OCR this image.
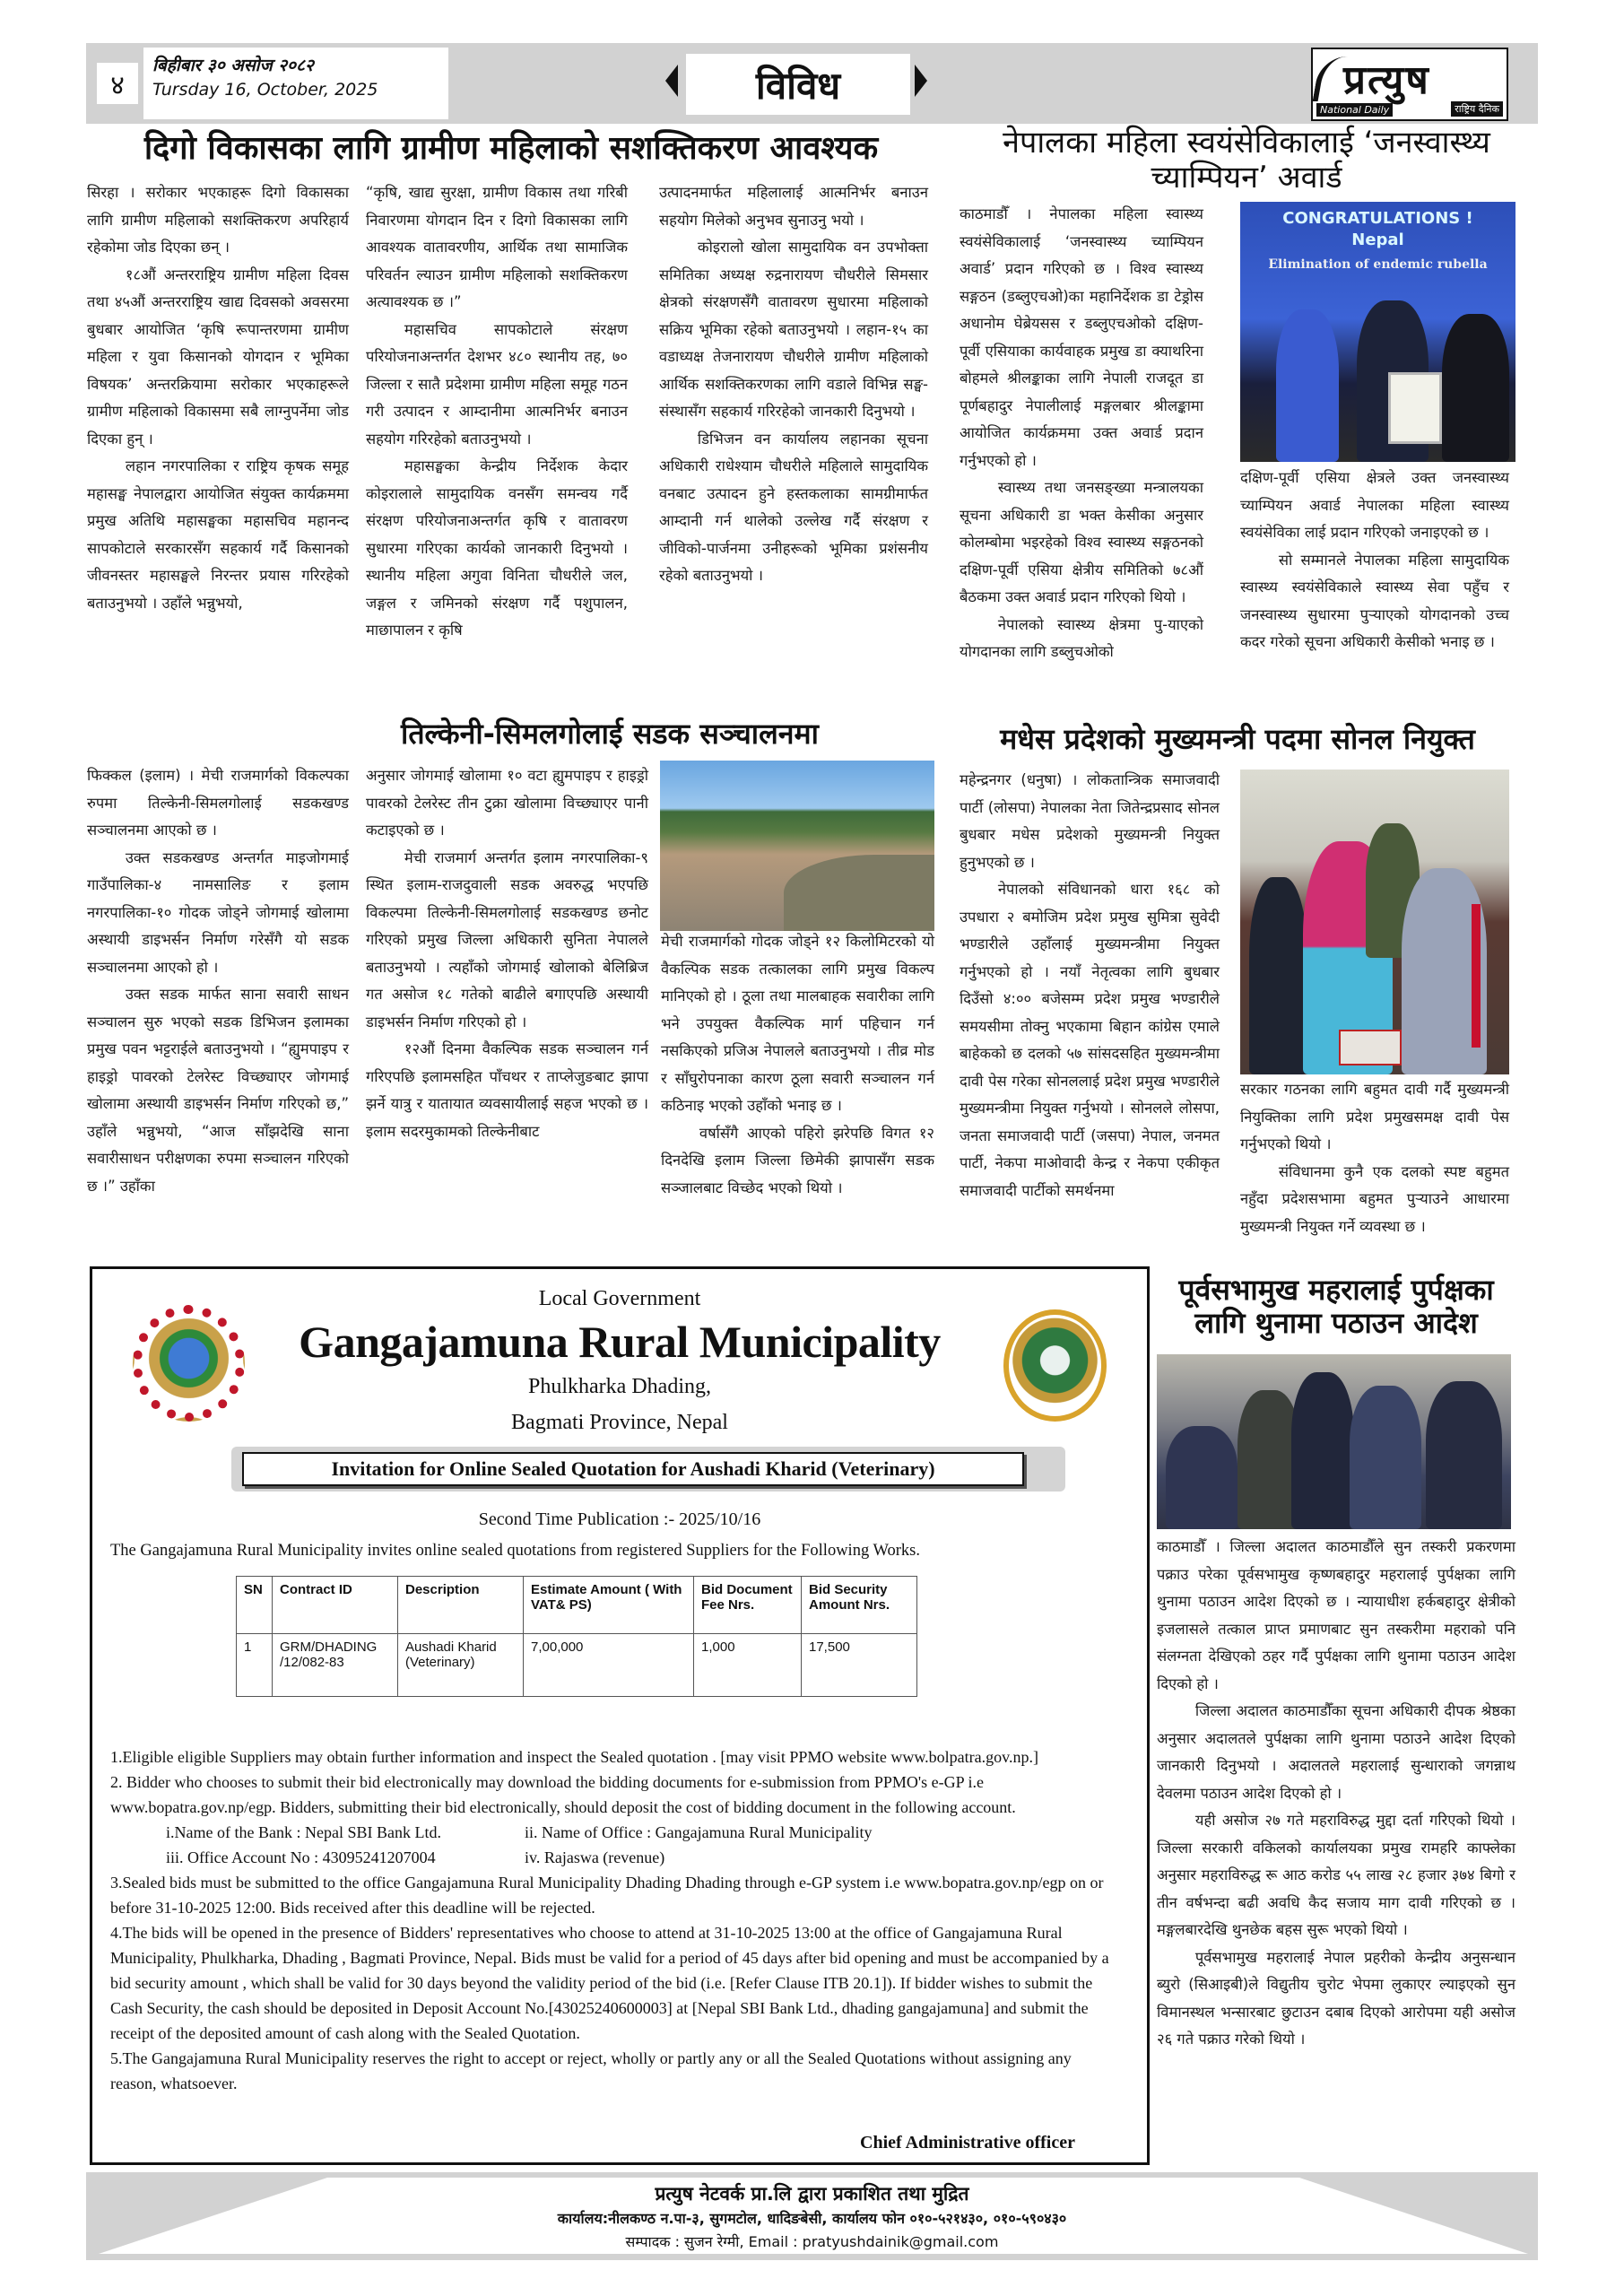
४
बिहीबार ३० असोज २०८२
Tursday 16, October, 2025	विविध	प्रत्युष
National Daily	राष्ट्रिय दैनिक
दिगो विकासका लागि ग्रामीण महिलाको सशक्तिकरण आवश्यक

सिरहा । सरोकार भएकाहरू दिगो विकासका लागि ग्रामीण महिलाको सशक्तिकरण अपरिहार्य रहेकोमा जोड दिएका छन् ।

१८औं अन्तरराष्ट्रिय ग्रामीण महिला दिवस तथा ४५औं अन्तरराष्ट्रिय खाद्य दिवसको अवसरमा बुधबार आयोजित ‘कृषि रूपान्तरणमा ग्रामीण महिला र युवा किसानको योगदान र भूमिका विषयक’ अन्तरक्रियामा सरोकार भएकाहरूले ग्रामीण महिलाको विकासमा सबै लाग्नुपर्नेमा जोड दिएका हुन् ।

लहान नगरपालिका र राष्ट्रिय कृषक समूह महासङ्घ नेपालद्वारा आयोजित संयुक्त कार्यक्रममा प्रमुख अतिथि महासङ्घका महासचिव महानन्द सापकोटाले सरकारसँग सहकार्य गर्दै किसानको जीवनस्तर महासङ्घले निरन्तर प्रयास गरिरहेको बताउनुभयो । उहाँले भन्नुभयो,

“कृषि, खाद्य सुरक्षा, ग्रामीण विकास तथा गरिबी निवारणमा योगदान दिन र दिगो विकासका लागि आवश्यक वातावरणीय, आर्थिक तथा सामाजिक परिवर्तन ल्याउन ग्रामीण महिलाको सशक्तिकरण अत्यावश्यक छ ।”

महासचिव सापकोटाले संरक्षण परियोजनाअन्तर्गत देशभर ४८० स्थानीय तह, ७० जिल्ला र सातै प्रदेशमा ग्रामीण महिला समूह गठन गरी उत्पादन र आम्दानीमा आत्मनिर्भर बनाउन सहयोग गरिरहेको बताउनुभयो ।

महासङ्घका केन्द्रीय निर्देशक केदार कोइरालाले सामुदायिक वनसँग समन्वय गर्दै संरक्षण परियोजनाअन्तर्गत कृषि र वातावरण सुधारमा गरिएका कार्यको जानकारी दिनुभयो । स्थानीय महिला अगुवा विनिता चौधरीले जल, जङ्गल र जमिनको संरक्षण गर्दै पशुपालन, माछापालन र कृषि

उत्पादनमार्फत महिलालाई आत्मनिर्भर बनाउन सहयोग मिलेको अनुभव सुनाउनु भयो ।

कोइरालो खोला सामुदायिक वन उपभोक्ता समितिका अध्यक्ष रुद्रनारायण चौधरीले सिमसार क्षेत्रको संरक्षणसँगै वातावरण सुधारमा महिलाको सक्रिय भूमिका रहेको बताउनुभयो । लहान-१५ का वडाध्यक्ष तेजनारायण चौधरीले ग्रामीण महिलाको आर्थिक सशक्तिकरणका लागि वडाले विभिन्न सङ्घ-संस्थासँग सहकार्य गरिरहेको जानकारी दिनुभयो ।

डिभिजन वन कार्यालय लहानका सूचना अधिकारी राधेश्याम चौधरीले महिलाले सामुदायिक वनबाट उत्पादन हुने हस्तकलाका सामग्रीमार्फत आम्दानी गर्न थालेको उल्लेख गर्दै संरक्षण र जीविको-पार्जनमा उनीहरूको भूमिका प्रशंसनीय रहेको बताउनुभयो ।

नेपालका महिला स्वयंसेविकालाई ‘जनस्वास्थ्य च्याम्पियन’ अवार्ड

काठमाडौँ । नेपालका महिला स्वास्थ्य स्वयंसेविकालाई ‘जनस्वास्थ्य च्याम्पियन अवार्ड’ प्रदान गरिएको छ । विश्व स्वास्थ्य सङ्गठन (डब्लुएचओ)का महानिर्देशक डा टेड्रोस अधानोम घेब्रेयसस र डब्लुएचओको दक्षिण-पूर्वी एसियाका कार्यवाहक प्रमुख डा क्याथरिना बोहमले श्रीलङ्काका लागि नेपाली राजदूत डा पूर्णबहादुर नेपालीलाई मङ्गलबार श्रीलङ्कामा आयोजित कार्यक्रममा उक्त अवार्ड प्रदान गर्नुभएको हो ।

स्वास्थ्य तथा जनसङ्ख्या मन्त्रालयका सूचना अधिकारी डा भक्त केसीका अनुसार कोलम्बोमा भइरहेको विश्व स्वास्थ्य सङ्गठनको दक्षिण-पूर्वी एसिया क्षेत्रीय समितिको ७८औं बैठकमा उक्त अवार्ड प्रदान गरिएको थियो ।

नेपालको स्वास्थ्य क्षेत्रमा पु-याएको योगदानका लागि डब्लुचओको

CONGRATULATIONS !
Nepal
Elimination of endemic rubella

दक्षिण-पूर्वी एसिया क्षेत्रले उक्त जनस्वास्थ्य च्याम्पियन अवार्ड नेपालका महिला स्वास्थ्य स्वयंसेविका लाई प्रदान गरिएको जनाइएको छ ।

सो सम्मानले नेपालका महिला सामुदायिक स्वास्थ्य स्वयंसेविकाले स्वास्थ्य सेवा पहुँच र जनस्वास्थ्य सुधारमा पुऱ्याएको योगदानको उच्च कदर गरेको सूचना अधिकारी केसीको भनाइ छ ।

तिल्केनी-सिमलगोलाई सडक सञ्चालनमा

फिक्कल (इलाम) । मेची राजमार्गको विकल्पका रुपमा तिल्केनी-सिमलगोलाई सडकखण्ड सञ्चालनमा आएको छ ।

उक्त सडकखण्ड अन्तर्गत माइजोगमाई गाउँपालिका-४ नामसालिङ र इलाम नगरपालिका-१० गोदक जोड्ने जोगमाई खोलामा अस्थायी डाइभर्सन निर्माण गरेसँगै यो सडक सञ्चालनमा आएको हो ।

उक्त सडक मार्फत साना सवारी साधन सञ्चालन सुरु भएको सडक डिभिजन इलामका प्रमुख पवन भट्टराईले बताउनुभयो । “ह्युमपाइप र हाइड्रो पावरको टेलरेस्ट विच्छ्याएर जोगमाई खोलामा अस्थायी डाइभर्सन निर्माण गरिएको छ,” उहाँले भन्नुभयो, “आज साँझदेखि साना सवारीसाधन परीक्षणका रुपमा सञ्चालन गरिएको छ ।” उहाँका

अनुसार जोगमाई खोलामा १० वटा ह्युमपाइप र हाइड्रो पावरको टेलरेस्ट तीन टुक्रा खोलामा विच्छ्याएर पानी कटाइएको छ ।

मेची राजमार्ग अन्तर्गत इलाम नगरपालिका-९ स्थित इलाम-राजदुवाली सडक अवरुद्ध भएपछि विकल्पमा तिल्केनी-सिमलगोलाई सडकखण्ड छनोट गरिएको प्रमुख जिल्ला अधिकारी सुनिता नेपालले बताउनुभयो । त्यहाँको जोगमाई खोलाको बेलिब्रिज गत असोज १८ गतेको बाढीले बगाएपछि अस्थायी डाइभर्सन निर्माण गरिएको हो ।

१२औं दिनमा वैकल्पिक सडक सञ्चालन गर्न गरिएपछि इलामसहित पाँचथर र ताप्लेजुङबाट झापा झर्ने यात्रु र यातायात व्यवसायीलाई सहज भएको छ । इलाम सदरमुकामको तिल्केनीबाट

मेची राजमार्गको गोदक जोड्ने १२ किलोमिटरको यो वैकल्पिक सडक तत्कालका लागि प्रमुख विकल्प मानिएको हो । ठूला तथा मालबाहक सवारीका लागि भने उपयुक्त वैकल्पिक मार्ग पहिचान गर्न नसकिएको प्रजिअ नेपालले बताउनुभयो । तीव्र मोड र साँघुरोपनाका कारण ठूला सवारी सञ्चालन गर्न कठिनाइ भएको उहाँको भनाइ छ ।

वर्षासँगै आएको पहिरो झरेपछि विगत १२ दिनदेखि इलाम जिल्ला छिमेकी झापासँग सडक सञ्जालबाट विच्छेद भएको थियो ।

मधेस प्रदेशको मुख्यमन्त्री पदमा सोनल नियुक्त

महेन्द्रनगर (धनुषा) । लोकतान्त्रिक समाजवादी पार्टी (लोसपा) नेपालका नेता जितेन्द्रप्रसाद सोनल बुधबार मधेस प्रदेशको मुख्यमन्त्री नियुक्त हुनुभएको छ ।

नेपालको संविधानको धारा १६८ को उपधारा २ बमोजिम प्रदेश प्रमुख सुमित्रा सुवेदी भण्डारीले उहाँलाई मुख्यमन्त्रीमा नियुक्त गर्नुभएको हो । नयाँ नेतृत्वका लागि बुधबार दिउँसो ४:०० बजेसम्म प्रदेश प्रमुख भण्डारीले समयसीमा तोक्नु भएकामा बिहान कांग्रेस एमाले बाहेकको छ दलको ५७ सांसदसहित मुख्यमन्त्रीमा दावी पेस गरेका सोनललाई प्रदेश प्रमुख भण्डारीले मुख्यमन्त्रीमा नियुक्त गर्नुभयो । सोनलले लोसपा, जनता समाजवादी पार्टी (जसपा) नेपाल, जनमत पार्टी, नेकपा माओवादी केन्द्र र नेकपा एकीकृत समाजवादी पार्टीको समर्थनमा

सरकार गठनका लागि बहुमत दावी गर्दै मुख्यमन्त्री नियुक्तिका लागि प्रदेश प्रमुखसमक्ष दावी पेस गर्नुभएको थियो ।

संविधानमा कुनै एक दलको स्पष्ट बहुमत नहुँदा प्रदेशसभामा बहुमत पुऱ्याउने आधारमा मुख्यमन्त्री नियुक्त गर्ने व्यवस्था छ ।

पूर्वसभामुख महरालाई पुर्पक्षका लागि थुनामा पठाउन आदेश

काठमाडौँ । जिल्ला अदालत काठमाडौँले सुन तस्करी प्रकरणमा पक्राउ परेका पूर्वसभामुख कृष्णबहादुर महरालाई पुर्पक्षका लागि थुनामा पठाउन आदेश दिएको छ । न्यायाधीश हर्कबहादुर क्षेत्रीको इजलासले तत्काल प्राप्त प्रमाणबाट सुन तस्करीमा महराको पनि संलग्नता देखिएको ठहर गर्दै पुर्पक्षका लागि थुनामा पठाउन आदेश दिएको हो ।

जिल्ला अदालत काठमाडौँका सूचना अधिकारी दीपक श्रेष्ठका अनुसार अदालतले पुर्पक्षका लागि थुनामा पठाउने आदेश दिएको जानकारी दिनुभयो । अदालतले महरालाई सुन्धाराको जगन्नाथ देवलमा पठाउन आदेश दिएको हो ।

यही असोज २७ गते महराविरुद्ध मुद्दा दर्ता गरिएको थियो । जिल्ला सरकारी वकिलको कार्यालयका प्रमुख रामहरि काफ्लेका अनुसार महराविरुद्ध रू आठ करोड ५५ लाख २८ हजार ३७४ बिगो र तीन वर्षभन्दा बढी अवधि कैद सजाय माग दावी गरिएको छ । मङ्गलबारदेखि थुनछेक बहस सुरू भएको थियो ।

पूर्वसभामुख महरालाई नेपाल प्रहरीको केन्द्रीय अनुसन्धान ब्युरो (सिआइबी)ले विद्युतीय चुरोट भेपमा लुकाएर ल्याइएको सुन विमानस्थल भन्सारबाट छुटाउन दबाब दिएको आरोपमा यही असोज २६ गते पक्राउ गरेको थियो ।

Local Government
Gangajamuna Rural Municipality
Phulkharka Dhading,
Bagmati Province, Nepal
Invitation for Online Sealed Quotation for Aushadi Kharid (Veterinary)
Second Time Publication :- 2025/10/16
The Gangajamuna Rural Municipality invites online sealed quotations from registered Suppliers for the Following Works.
SN	Contract ID	Description	Estimate Amount ( With VAT& PS)	Bid Document Fee Nrs.	Bid Security Amount Nrs.
1	GRM/DHADING /12/082-83	Aushadi Kharid (Veterinary)	7,00,000	1,000	17,500
1.Eligible eligible Suppliers may obtain further information and inspect the Sealed quotation . [may visit PPMO website www.bolpatra.gov.np.]
2. Bidder who chooses to submit their bid electronically may download the bidding documents for e-submission from PPMO's e-GP i.e www.bopatra.gov.np/egp. Bidders, submitting their bid electronically, should deposit the cost of bidding document in the following account.
i.Name of the Bank : Nepal SBI Bank Ltd.	ii. Name of Office : Gangajamuna Rural Municipality
iii. Office Account No : 43095241207004	iv. Rajaswa (revenue)
3.Sealed bids must be submitted to the office Gangajamuna Rural Municipality Dhading Dhading through e-GP system i.e www.bopatra.gov.np/egp on or before 31-10-2025 12:00. Bids received after this deadline will be rejected.
4.The bids will be opened in the presence of Bidders' representatives who choose to attend at 31-10-2025 13:00 at the office of Gangajamuna Rural Municipality, Phulkharka, Dhading , Bagmati Province, Nepal. Bids must be valid for a period of 45 days after bid opening and must be accompanied by a bid security amount , which shall be valid for 30 days beyond the validity period of the bid (i.e. [Refer Clause ITB 20.1]). If bidder wishes to submit the Cash Security, the cash should be deposited in Deposit Account No.[43025240600003] at [Nepal SBI Bank Ltd., dhading gangajamuna] and submit the receipt of the deposited amount of cash along with the Sealed Quotation.
5.The Gangajamuna Rural Municipality reserves the right to accept or reject, wholly or partly any or all the Sealed Quotations without assigning any reason, whatsoever.
Chief Administrative officer
प्रत्युष नेटवर्क प्रा.लि द्वारा प्रकाशित तथा मुद्रित
कार्यालय:नीलकण्ठ न.पा-३, सुगमटोल, धादिङबेसी, कार्यालय फोन ०१०-५२१४३०, ०१०-५९०४३०
सम्पादक : सुजन रेग्मी, Email : pratyushdainik@gmail.com
